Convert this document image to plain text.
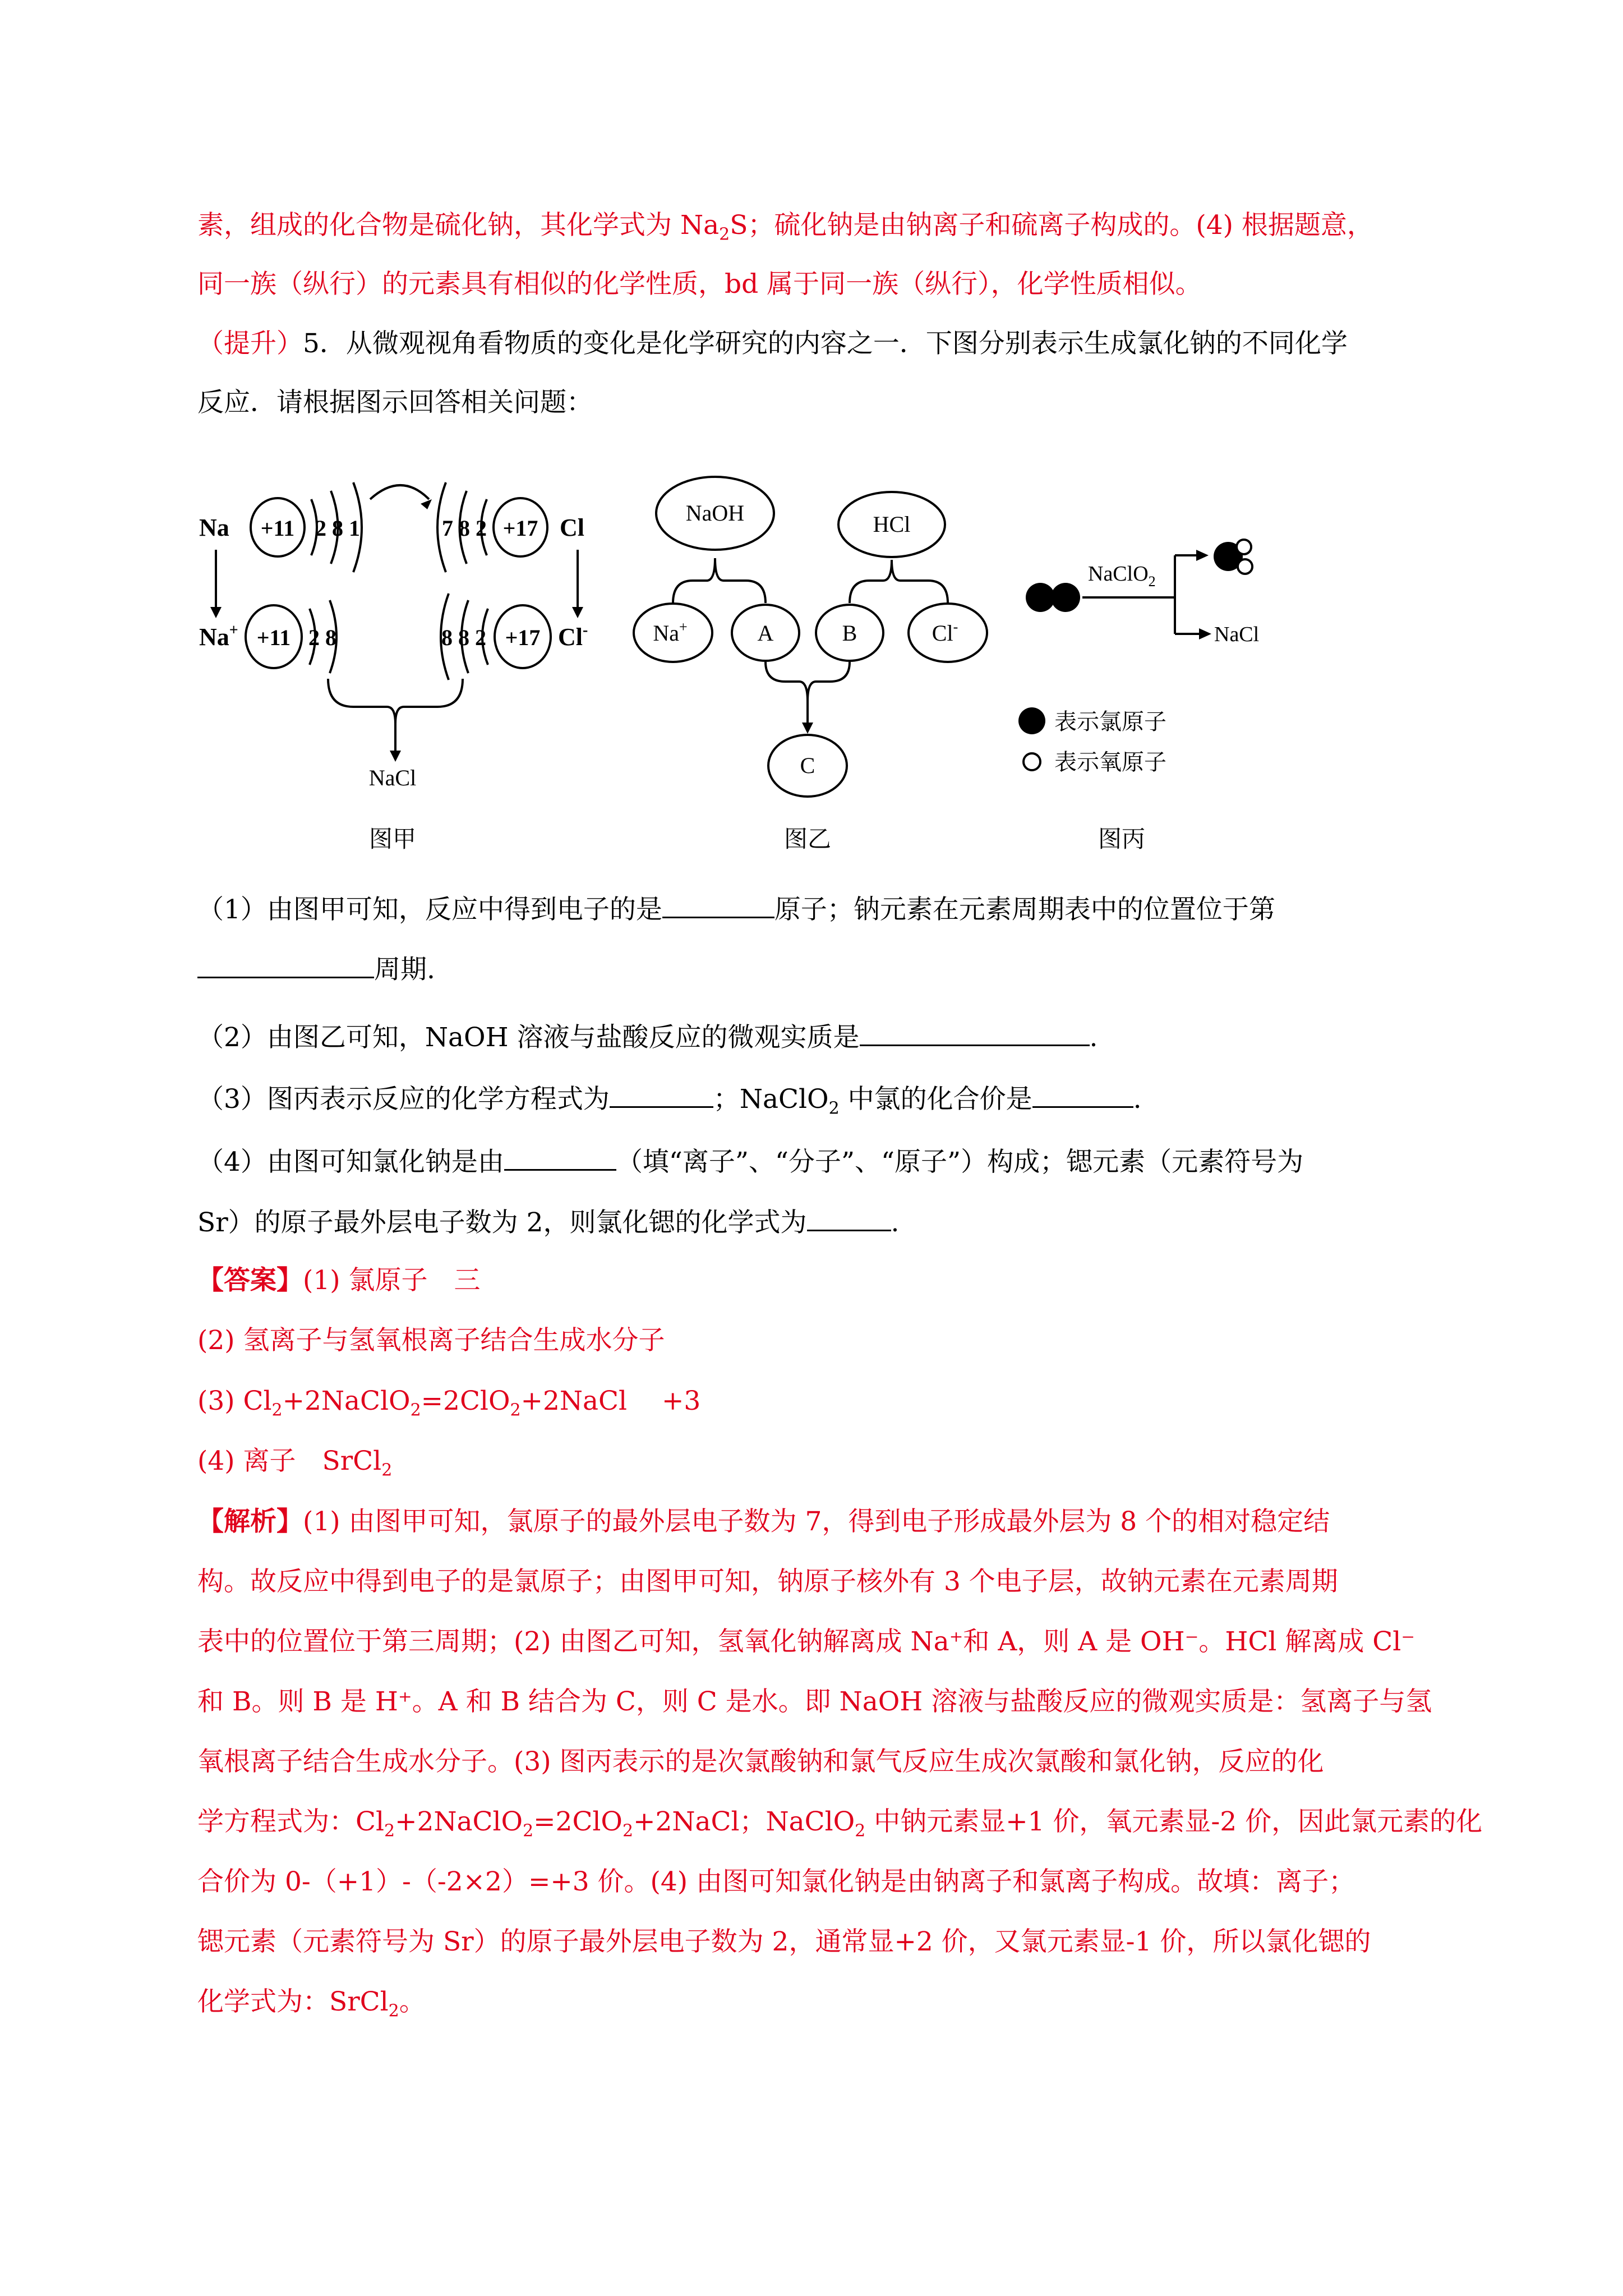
素，组成的化合物是硫化钠，其化学式为 $Na_2S$；硫化钠是由钠离子和硫离子构成的。(4) 根据题意，
同一族（纵行）的元素具有相似的化学性质，bd 属于同一族（纵行），化学性质相似。
（提升）5．从微观视角看物质的变化是化学研究的内容之一．下图分别表示生成氯化钠的不同化学
反应．请根据图示回答相关问题：
Na	Cl
Na+	Cl-
+11	+17
+11	+17
2 8 1	7 8 2
2 8	8 8 2
NaCl
图甲
NaOH	HCl
Na+	A	B	Cl-
C
图乙
NaClO$_2$
NaCl
表示氯原子
表示氧原子
图丙
（1）由图甲可知，反应中得到电子的是	原子；钠元素在元素周期表中的位置位于第
周期.
（2）由图乙可知，NaOH 溶液与盐酸反应的微观实质是	.
（3）图丙表示反应的化学方程式为	；NaClO$_2$ 中氯的化合价是	.
（4）由图可知氯化钠是由	（填“离子”、“分子”、“原子”）构成；锶元素（元素符号为
Sr）的原子最外层电子数为 2，则氯化锶的化学式为	.
【答案】(1) 氯原子　三
(2) 氢离子与氢氧根离子结合生成水分子
(3) $Cl_2+2NaClO_2=2ClO_2+2NaCl$　 +3
(4) 离子　SrCl$_2$
【解析】(1) 由图甲可知，氯原子的最外层电子数为 7，得到电子形成最外层为 8 个的相对稳定结
构。故反应中得到电子的是氯原子；由图甲可知，钠原子核外有 3 个电子层，故钠元素在元素周期
表中的位置位于第三周期；(2) 由图乙可知，氢氧化钠解离成 Na⁺和 A，则 A 是 OH⁻。HCl 解离成 Cl⁻
和 B。则 B 是 H⁺。A 和 B 结合为 C，则 C 是水。即 NaOH 溶液与盐酸反应的微观实质是：氢离子与氢
氧根离子结合生成水分子。(3) 图丙表示的是次氯酸钠和氯气反应生成次氯酸和氯化钠，反应的化
学方程式为：$Cl_2+2NaClO_2=2ClO_2+2NaCl$；NaClO$_2$ 中钠元素显+1 价，氧元素显-2 价，因此氯元素的化
合价为 0-（+1）-（-2×2）=+3 价。(4) 由图可知氯化钠是由钠离子和氯离子构成。故填：离子；
锶元素（元素符号为 Sr）的原子最外层电子数为 2，通常显+2 价，又氯元素显-1 价，所以氯化锶的
化学式为：SrCl$_2$。
